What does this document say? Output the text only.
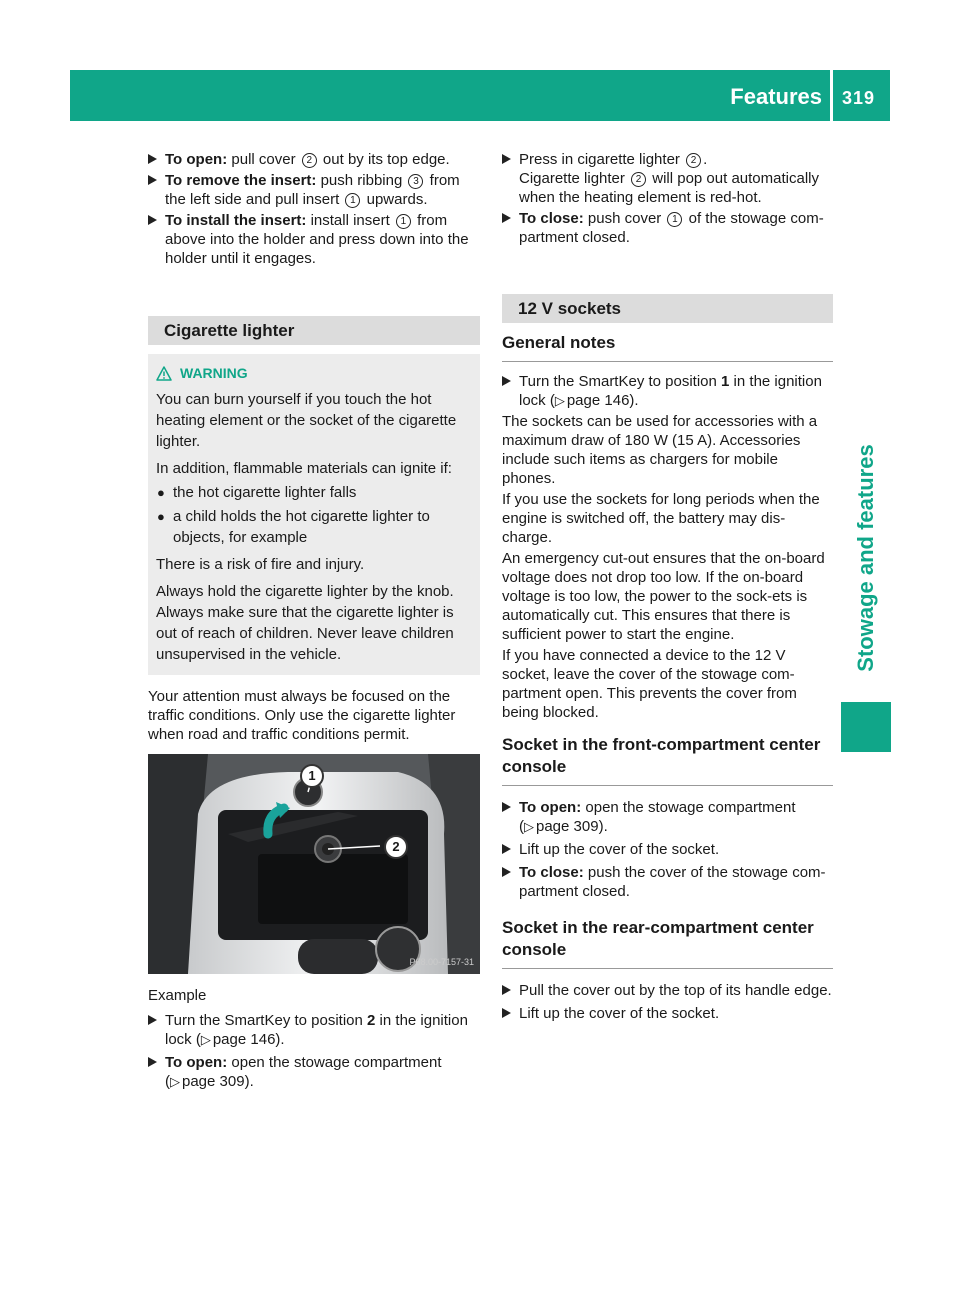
Features 319
Stowage and features
To open: pull cover 2 out by its top edge.
To remove the insert: push ribbing 3 from the left side and pull insert 1 upwards.
To install the insert: install insert 1 from above into the holder and press down into the holder until it engages.
Cigarette lighter
WARNING

You can burn yourself if you touch the hot heating element or the socket of the cigarette lighter.

In addition, flammable materials can ignite if:

● the hot cigarette lighter falls
● a child holds the hot cigarette lighter to objects, for example

There is a risk of fire and injury.

Always hold the cigarette lighter by the knob. Always make sure that the cigarette lighter is out of reach of children. Never leave children unsupervised in the vehicle.

Your attention must always be focused on the traffic conditions. Only use the cigarette lighter when road and traffic conditions permit.

1
2
P68.00-7157-31
Example
Turn the SmartKey to position 2 in the ignition lock (▷ page 146).
To open: open the stowage compartment (▷ page 309).
Press in cigarette lighter 2 .
Cigarette lighter 2 will pop out automatically when the heating element is red-hot.
To close: push cover 1 of the stowage com-partment closed.
12 V sockets
General notes
Turn the SmartKey to position 1 in the ignition lock (▷ page 146).

The sockets can be used for accessories with a maximum draw of 180 W (15 A). Accessories include such items as chargers for mobile phones.

If you use the sockets for long periods when the engine is switched off, the battery may dis-charge.

An emergency cut-out ensures that the on-board voltage does not drop too low. If the on-board voltage is too low, the power to the sock-ets is automatically cut. This ensures that there is sufficient power to start the engine.

If you have connected a device to the 12 V socket, leave the cover of the stowage com-partment open. This prevents the cover from being blocked.

Socket in the front-compartment center console
To open: open the stowage compartment (▷ page 309).
Lift up the cover of the socket.
To close: push the cover of the stowage com-partment closed.
Socket in the rear-compartment center console
Pull the cover out by the top of its handle edge.
Lift up the cover of the socket.
